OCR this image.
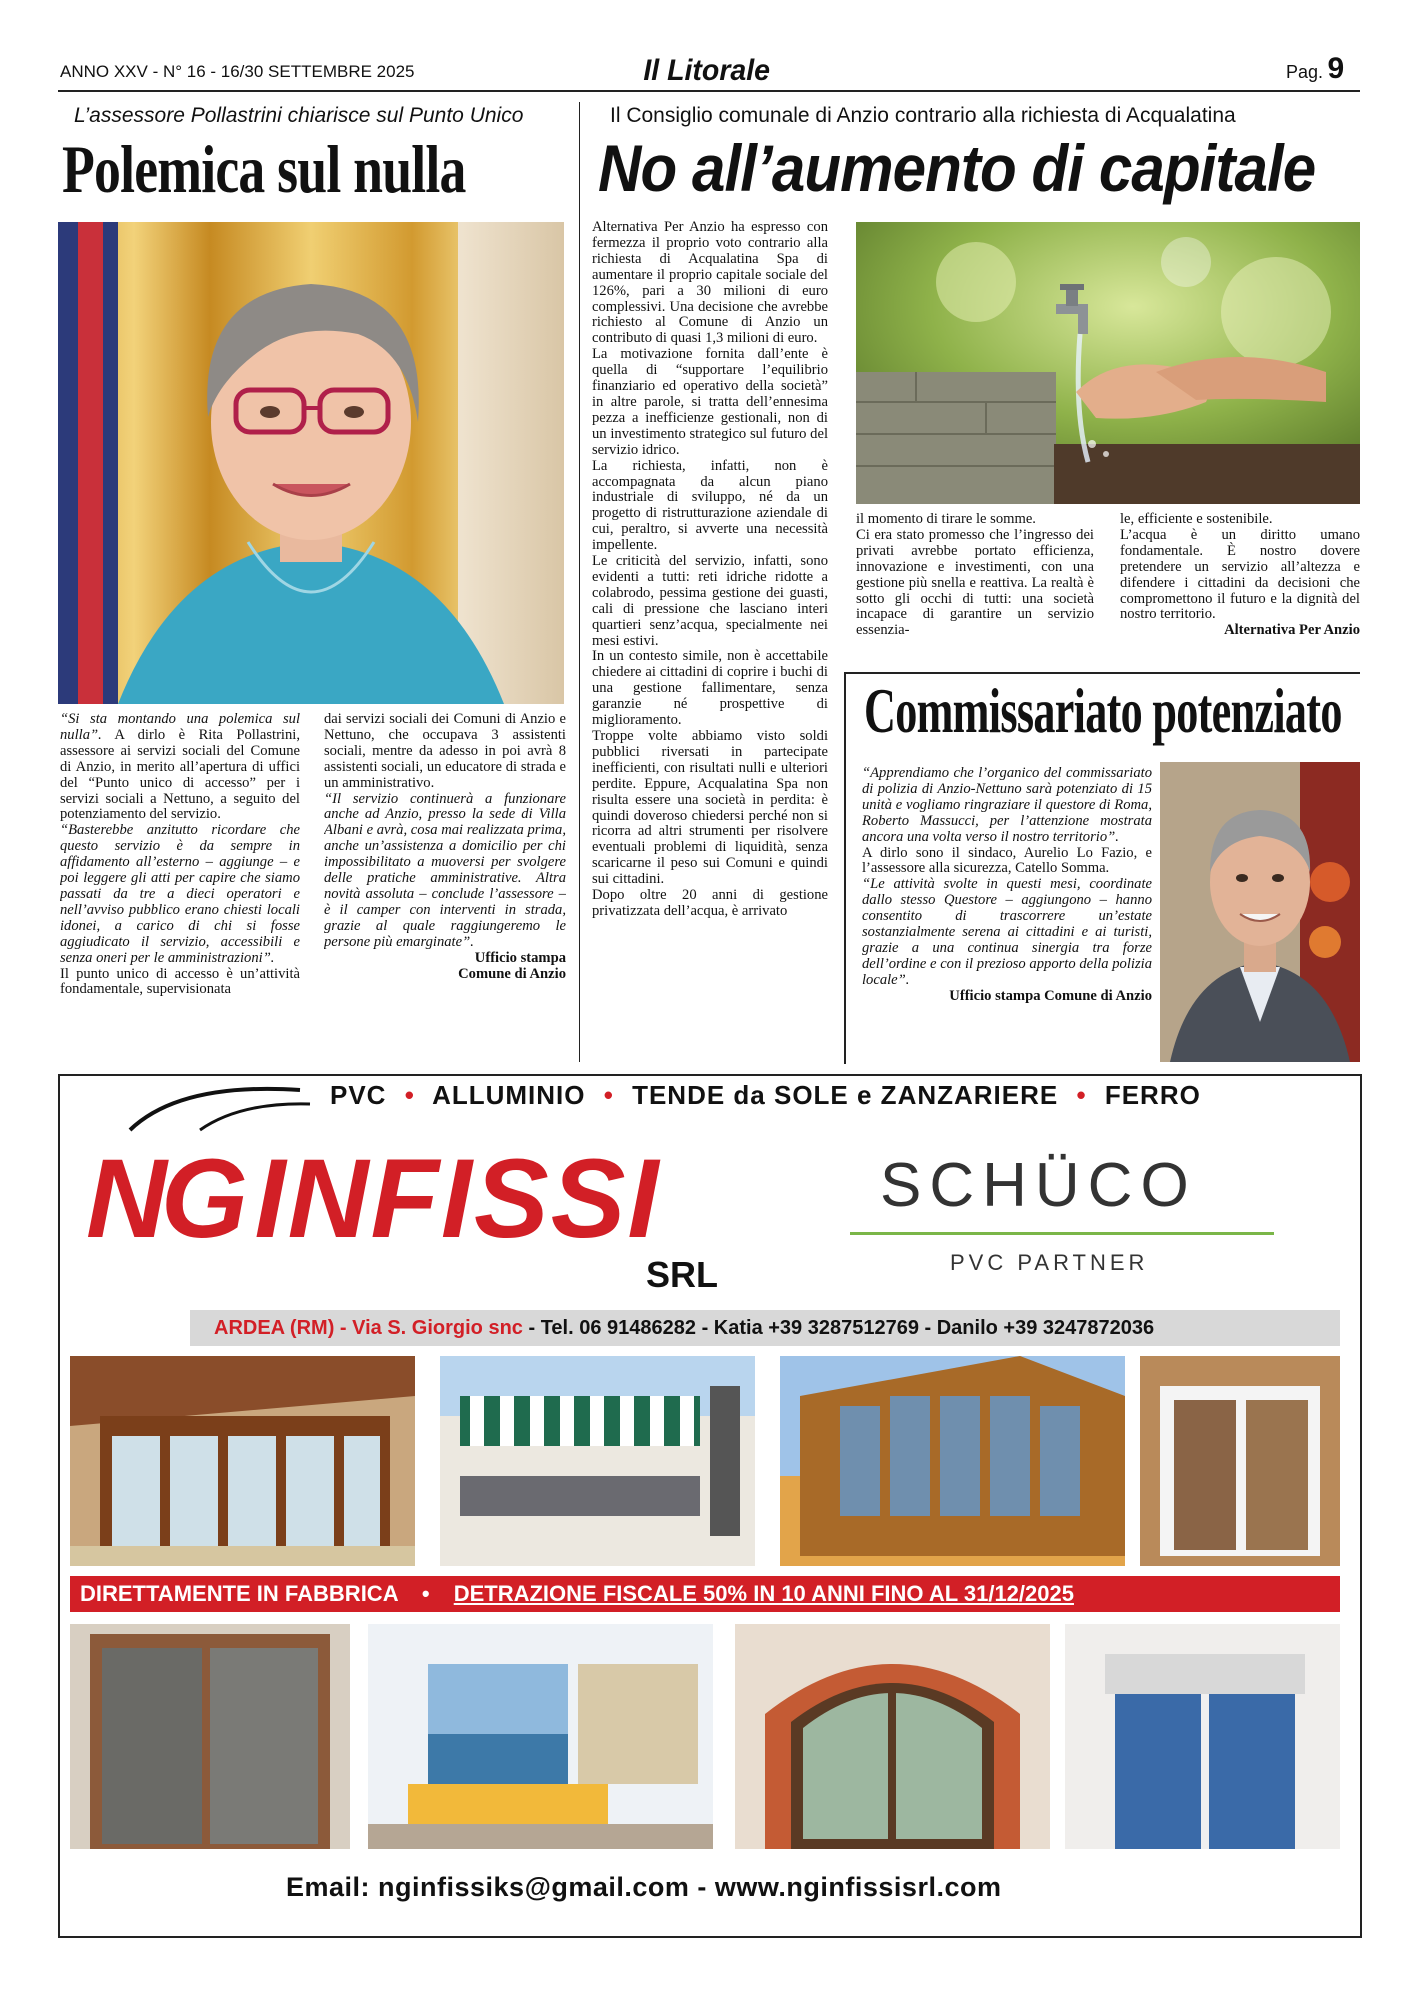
ANNO XXV - N° 16 - 16/30 SETTEMBRE 2025	Il Litorale	Pag. 9
L’assessore Pollastrini chiarisce sul Punto Unico
Polemica sul nulla

“Si sta montando una polemica sul nulla”. A dirlo è Rita Pollastrini, assessore ai servizi sociali del Comune di Anzio, in merito all’apertura di uffici del “Punto unico di accesso” per i servizi sociali a Nettuno, a seguito del potenziamento del servizio.

“Basterebbe anzitutto ricordare che questo servizio è da sempre in affidamento all’esterno – aggiunge – e poi leggere gli atti per capire che siamo passati da tre a dieci operatori e nell’avviso pubblico erano chiesti locali idonei, a carico di chi si fosse aggiudicato il servizio, accessibili e senza oneri per le amministrazioni”.

Il punto unico di accesso è un’attività fondamentale, supervisionata

dai servizi sociali dei Comuni di Anzio e Nettuno, che occupava 3 assistenti sociali, mentre da adesso in poi avrà 8 assistenti sociali, un educatore di strada e un amministrativo.

“Il servizio continuerà a funzionare anche ad Anzio, presso la sede di Villa Albani e avrà, cosa mai realizzata prima, anche un’assistenza a domicilio per chi impossibilitato a muoversi per svolgere delle pratiche amministrative. Altra novità assoluta – conclude l’assessore – è il camper con interventi in strada, grazie al quale raggiungeremo le persone più emarginate”.

Ufficio stampa

Comune di Anzio

Il Consiglio comunale di Anzio contrario alla richiesta di Acqualatina
No all’aumento di capitale

Alternativa Per Anzio ha espresso con fermezza il proprio voto contrario alla richiesta di Acqualatina Spa di aumentare il proprio capitale sociale del 126%, pari a 30 milioni di euro complessivi. Una decisione che avrebbe richiesto al Comune di Anzio un contributo di quasi 1,3 milioni di euro.

La motivazione fornita dall’ente è quella di “supportare l’equilibrio finanziario ed operativo della società” in altre parole, si tratta dell’ennesima pezza a inefficienze gestionali, non di un investimento strategico sul futuro del servizio idrico.

La richiesta, infatti, non è accompagnata da alcun piano industriale di sviluppo, né da un progetto di ristrutturazione aziendale di cui, peraltro, si avverte una necessità impellente.

Le criticità del servizio, infatti, sono evidenti a tutti: reti idriche ridotte a colabrodo, pessima gestione dei guasti, cali di pressione che lasciano interi quartieri senz’acqua, specialmente nei mesi estivi.

In un contesto simile, non è accettabile chiedere ai cittadini di coprire i buchi di una gestione fallimentare, senza garanzie né prospettive di miglioramento.

Troppe volte abbiamo visto soldi pubblici riversati in partecipate inefficienti, con risultati nulli e ulteriori perdite. Eppure, Acqualatina Spa non risulta essere una società in perdita: è quindi doveroso chiedersi perché non si ricorra ad altri strumenti per risolvere eventuali problemi di liquidità, senza scaricarne il peso sui Comuni e quindi sui cittadini.

Dopo oltre 20 anni di gestione privatizzata dell’acqua, è arrivato

il momento di tirare le somme.

Ci era stato promesso che l’ingresso dei privati avrebbe portato efficienza, innovazione e investimenti, con una gestione più snella e reattiva. La realtà è sotto gli occhi di tutti: una società incapace di garantire un servizio essenzia-

le, efficiente e sostenibile.

L’acqua è un diritto umano fondamentale. È nostro dovere pretendere un servizio all’altezza e difendere i cittadini da decisioni che compromettono il futuro e la dignità del nostro territorio.

Alternativa Per Anzio

Commissariato potenziato

“Apprendiamo che l’organico del commissariato di polizia di Anzio-Nettuno sarà potenziato di 15 unità e vogliamo ringraziare il questore di Roma, Roberto Massucci, per l’attenzione mostrata ancora una volta verso il nostro territorio”.

A dirlo sono il sindaco, Aurelio Lo Fazio, e l’assessore alla sicurezza, Catello Somma.

“Le attività svolte in questi mesi, coordinate dallo stesso Questore – aggiungono – hanno consentito di trascorrere un’estate sostanzialmente serena ai cittadini e ai turisti, grazie a una continua sinergia tra forze dell’ordine e con il prezioso apporto della polizia locale”.

Ufficio stampa Comune di Anzio

PVC • ALLUMINIO • TENDE da SOLE e ZANZARIERE • FERRO
NG INFISSI
SRL
SCHÜCO
PVC PARTNER
ARDEA (RM) - Via S. Giorgio snc - Tel. 06 91486282 - Katia +39 3287512769 - Danilo +39 3247872036
DIRETTAMENTE IN FABBRICA • DETRAZIONE FISCALE 50% IN 10 ANNI FINO AL 31/12/2025
Email: nginfissiks@gmail.com - www.nginfissisrl.com
